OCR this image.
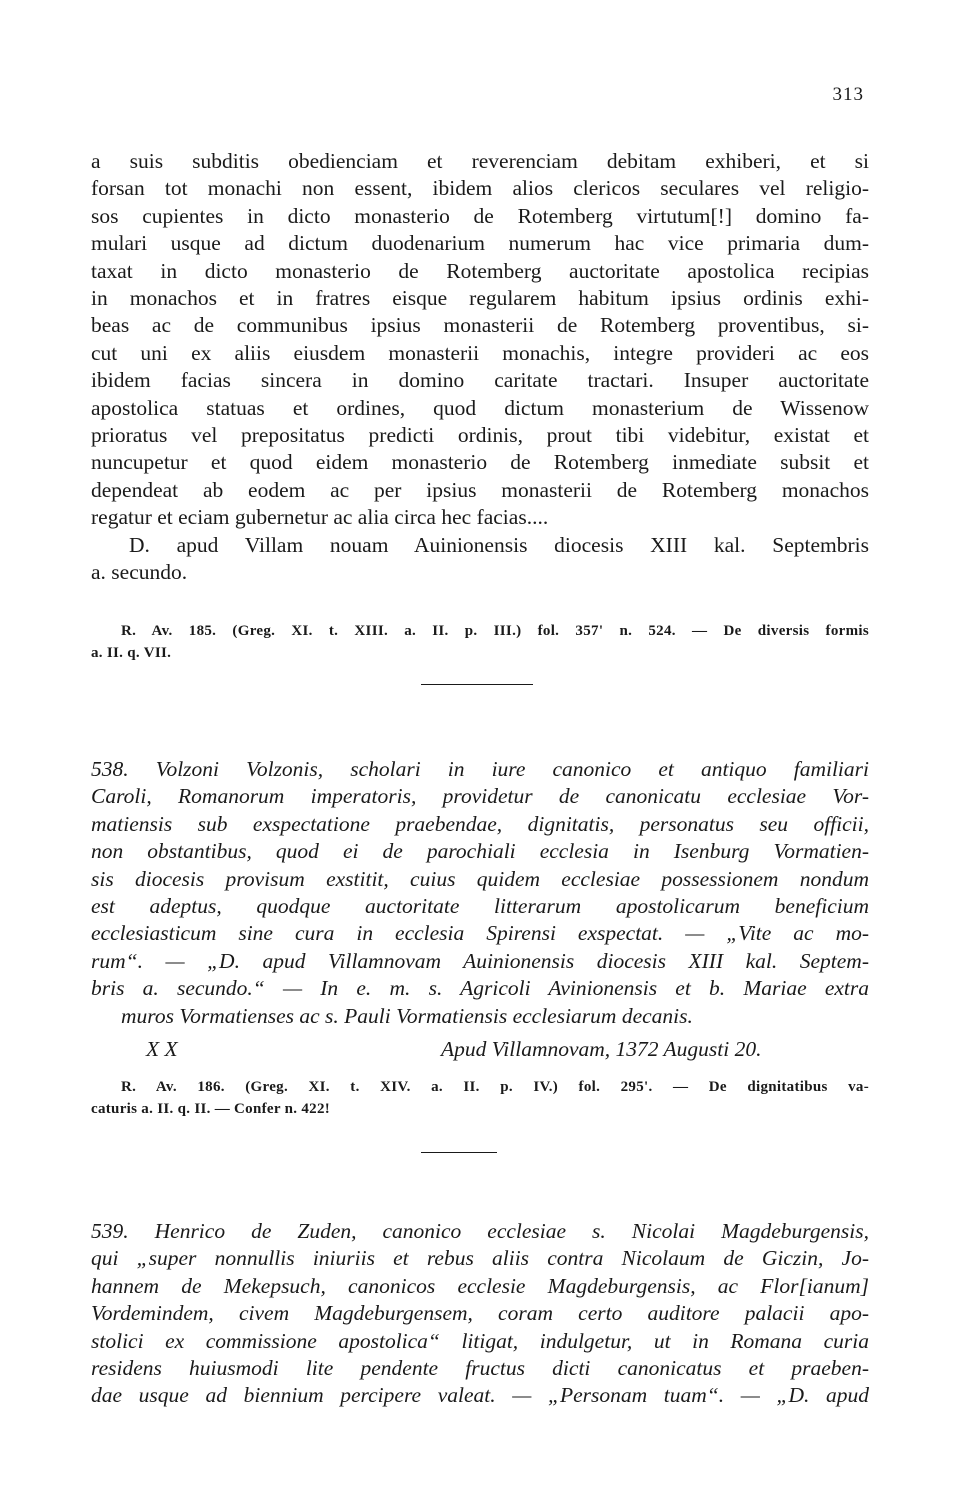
313
a suis subditis obedienciam et reverenciam debitam exhiberi, et si
forsan tot monachi non essent, ibidem alios clericos seculares vel religio-
sos cupientes in dicto monasterio de Rotemberg virtutum[!] domino fa-
mulari usque ad dictum duodenarium numerum hac vice primaria dum-
taxat in dicto monasterio de Rotemberg auctoritate apostolica recipias
in monachos et in fratres eisque regularem habitum ipsius ordinis exhi-
beas ac de communibus ipsius monasterii de Rotemberg proventibus, si-
cut uni ex aliis eiusdem monasterii monachis, integre provideri ac eos
ibidem facias sincera in domino caritate tractari. Insuper auctoritate
apostolica statuas et ordines, quod dictum monasterium de Wissenow
prioratus vel prepositatus predicti ordinis, prout tibi videbitur, existat et
nuncupetur et quod eidem monasterio de Rotemberg inmediate subsit et
dependeat ab eodem ac per ipsius monasterii de Rotemberg monachos
regatur et eciam gubernetur ac alia circa hec facias....
D. apud Villam nouam Auinionensis diocesis XIII kal. Septembris
a. secundo.
R. Av. 185. (Greg. XI. t. XIII. a. II. p. III.) fol. 357' n. 524. — De diversis formis
a. II. q. VII.
538. Volzoni Volzonis, scholari in iure canonico et antiquo familiari
Caroli, Romanorum imperatoris, providetur de canonicatu ecclesiae Vor-
matiensis sub exspectatione praebendae, dignitatis, personatus seu officii,
non obstantibus, quod ei de parochiali ecclesia in Isenburg Vormatien-
sis diocesis provisum exstitit, cuius quidem ecclesiae possessionem nondum
est adeptus, quodque auctoritate litterarum apostolicarum beneficium
ecclesiasticum sine cura in ecclesia Spirensi exspectat. — „Vite ac mo-
rum“. — „D. apud Villamnovam Auinionensis diocesis XIII kal. Septem-
bris a. secundo.“ — In e. m. s. Agricoli Avinionensis et b. Mariae extra
muros Vormatienses ac s. Pauli Vormatiensis ecclesiarum decanis.
X X	Apud Villamnovam, 1372 Augusti 20.
R. Av. 186. (Greg. XI. t. XIV. a. II. p. IV.) fol. 295'. — De dignitatibus va-
caturis a. II. q. II. — Confer n. 422!
539. Henrico de Zuden, canonico ecclesiae s. Nicolai Magdeburgensis,
qui „super nonnullis iniuriis et rebus aliis contra Nicolaum de Giczin, Jo-
hannem de Mekepsuch, canonicos ecclesie Magdeburgensis, ac Flor[ianum]
Vordemindem, civem Magdeburgensem, coram certo auditore palacii apo-
stolici ex commissione apostolica“ litigat, indulgetur, ut in Romana curia
residens huiusmodi lite pendente fructus dicti canonicatus et praeben-
dae usque ad biennium percipere valeat. — „Personam tuam“. — „D. apud
